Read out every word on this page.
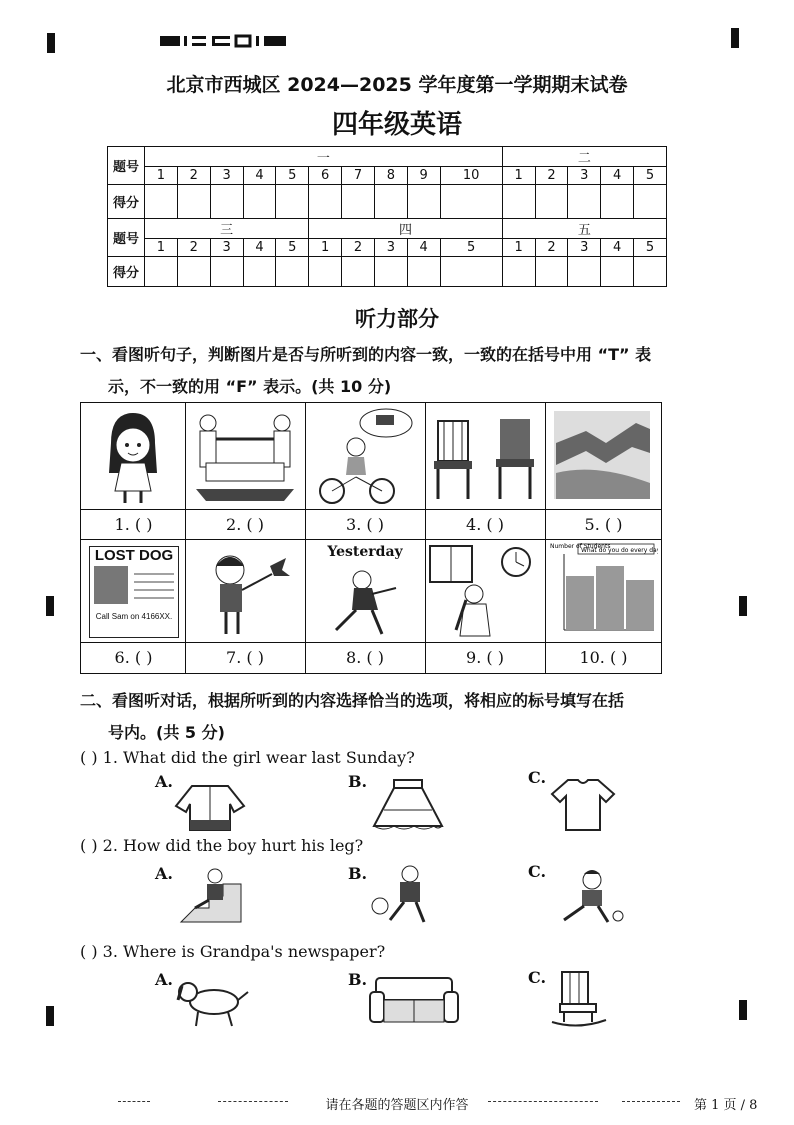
北京市西城区 2024—2025 学年度第一学期期末试卷
四年级英语
题号	一										二				
	1	2	3	4	5	6	7	8	9	10	1	2	3	4	5
得分															
题号	三					四					五				
	1	2	3	4	5	1	2	3	4	5	1	2	3	4	5
得分															
听力部分
一、看图听句子，判断图片是否与所听到的内容一致，一致的在括号中用 “T” 表
示，不一致的用 “F” 表示。(共 10 分)
1. ( )	2. ( )	3. ( )	4. ( )	5. ( )
LOST DOG
Call Sam on 4166XX.
Yesterday	Number of Students
What do you do every day?
6. ( )	7. ( )	8. ( )	9. ( )	10. ( )
二、看图听对话，根据所听到的内容选择恰当的选项，将相应的标号填写在括
号内。(共 5 分)
( ) 1. What did the girl wear last Sunday?
A.	B.	C.
( ) 2. How did the boy hurt his leg?
A.	B.	C.
( ) 3. Where is Grandpa's newspaper?
A.	B.	C.
请在各题的答题区内作答	第 1 页 / 8
